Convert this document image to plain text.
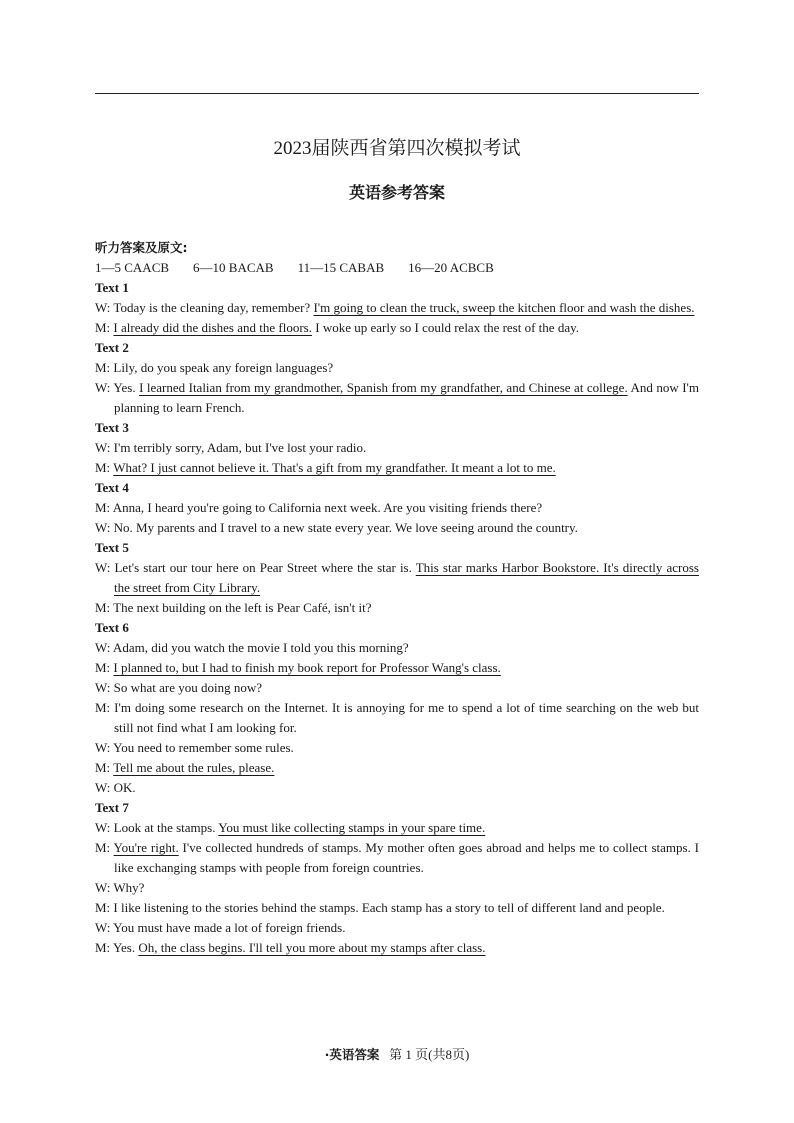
2023届陕西省第四次模拟考试
英语参考答案

听力答案及原文:

1—5 CAACB 6—10 BACAB 11—15 CABAB 16—20 ACBCB

Text 1

W: Today is the cleaning day, remember? I'm going to clean the truck, sweep the kitchen floor and wash the dishes.

M: I already did the dishes and the floors. I woke up early so I could relax the rest of the day.

Text 2

M: Lily, do you speak any foreign languages?

W: Yes. I learned Italian from my grandmother, Spanish from my grandfather, and Chinese at college. And now I'm planning to learn French.

Text 3

W: I'm terribly sorry, Adam, but I've lost your radio.

M: What? I just cannot believe it. That's a gift from my grandfather. It meant a lot to me.

Text 4

M: Anna, I heard you're going to California next week. Are you visiting friends there?

W: No. My parents and I travel to a new state every year. We love seeing around the country.

Text 5

W: Let's start our tour here on Pear Street where the star is. This star marks Harbor Bookstore. It's directly across the street from City Library.

M: The next building on the left is Pear Café, isn't it?

Text 6

W: Adam, did you watch the movie I told you this morning?

M: I planned to, but I had to finish my book report for Professor Wang's class.

W: So what are you doing now?

M: I'm doing some research on the Internet. It is annoying for me to spend a lot of time searching on the web but still not find what I am looking for.

W: You need to remember some rules.

M: Tell me about the rules, please.

W: OK.

Text 7

W: Look at the stamps. You must like collecting stamps in your spare time.

M: You're right. I've collected hundreds of stamps. My mother often goes abroad and helps me to collect stamps. I like exchanging stamps with people from foreign countries.

W: Why?

M: I like listening to the stories behind the stamps. Each stamp has a story to tell of different land and people.

W: You must have made a lot of foreign friends.

M: Yes. Oh, the class begins. I'll tell you more about my stamps after class.

·英语答案 第 1 页(共8页)
